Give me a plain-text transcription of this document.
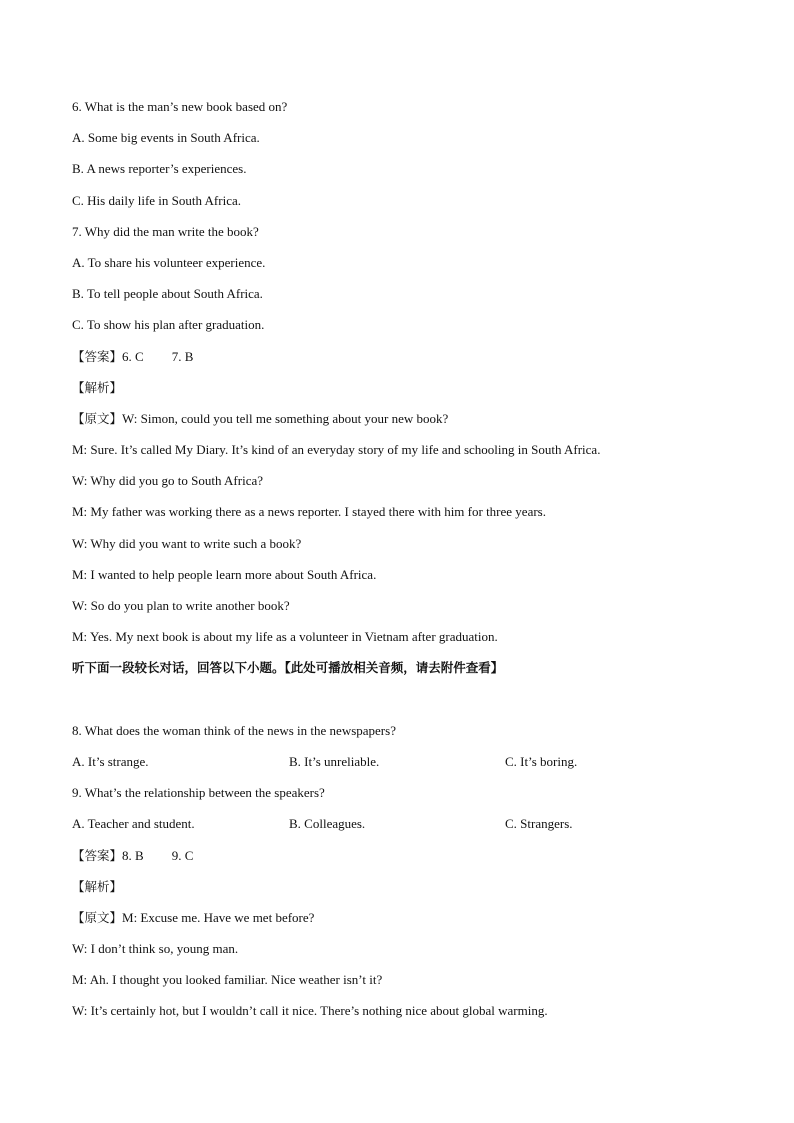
6. What is the man’s new book based on?
A. Some big events in South Africa.
B. A news reporter’s experiences.
C. His daily life in South Africa.
7. Why did the man write the book?
A. To share his volunteer experience.
B. To tell people about South Africa.
C. To show his plan after graduation.
【答案】6. C 7. B
【解析】
【原文】W: Simon, could you tell me something about your new book?
M: Sure. It’s called My Diary. It’s kind of an everyday story of my life and schooling in South Africa.
W: Why did you go to South Africa?
M: My father was working there as a news reporter. I stayed there with him for three years.
W: Why did you want to write such a book?
M: I wanted to help people learn more about South Africa.
W: So do you plan to write another book?
M: Yes. My next book is about my life as a volunteer in Vietnam after graduation.
听下面一段较长对话，回答以下小题。【此处可播放相关音频，请去附件查看】
8. What does the woman think of the news in the newspapers?
A. It’s strange.	B. It’s unreliable.	C. It’s boring.
9. What’s the relationship between the speakers?
A. Teacher and student.	B. Colleagues.	C. Strangers.
【答案】8. B 9. C
【解析】
【原文】M: Excuse me. Have we met before?
W: I don’t think so, young man.
M: Ah. I thought you looked familiar. Nice weather isn’t it?
W: It’s certainly hot, but I wouldn’t call it nice. There’s nothing nice about global warming.
